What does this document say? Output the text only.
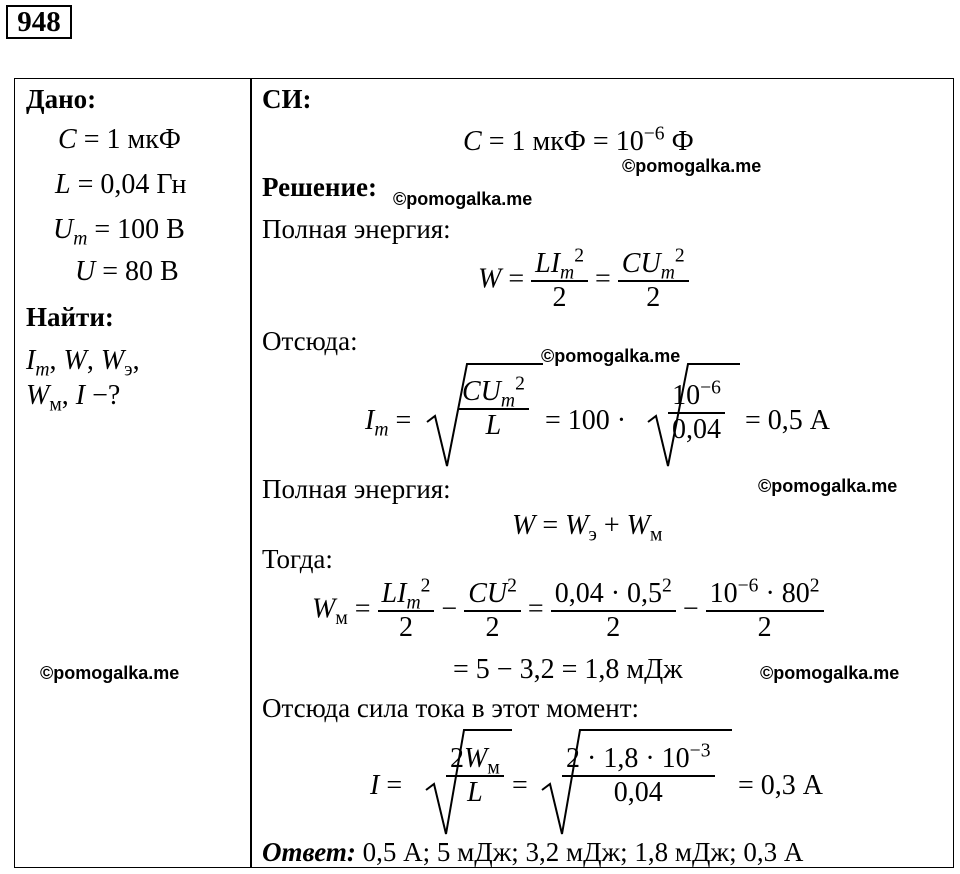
948
Дано:
C = 1 мкФ
L = 0,04 Гн
$U_m = 100$ В
U = 80 В
Найти:
$I_m$, W, $W_э$,
$W_м$, I −?
СИ:
C = 1 мкФ = $10^{-6}$ Ф
Решение:
Полная энергия:
$W = \frac{LI_m^2}{2} = \frac{CU_m^2}{2}$
Отсюда:
$I_m = \frac{CU_m^2}{L} = 100 \cdot \frac{10^{-6}}{0,04} = 0,5$ А
Полная энергия:
$W = W_э + W_м$
Тогда:
$W_м = \frac{LI_m^2}{2} - \frac{CU^2}{2} = \frac{0,04 \cdot 0,5^2}{2} - \frac{10^{-6} \cdot 80^2}{2}$
= 5 − 3,2 = 1,8 мДж
Отсюда сила тока в этот момент:
$I = \frac{2W_м}{L} = \frac{2 \cdot 1,8 \cdot 10^{-3}}{0,04} = 0,3$ А
Ответ: 0,5 А; 5 мДж; 3,2 мДж; 1,8 мДж; 0,3 А
©pomogalka.me
©pomogalka.me
©pomogalka.me
©pomogalka.me
©pomogalka.me	©pomogalka.me
